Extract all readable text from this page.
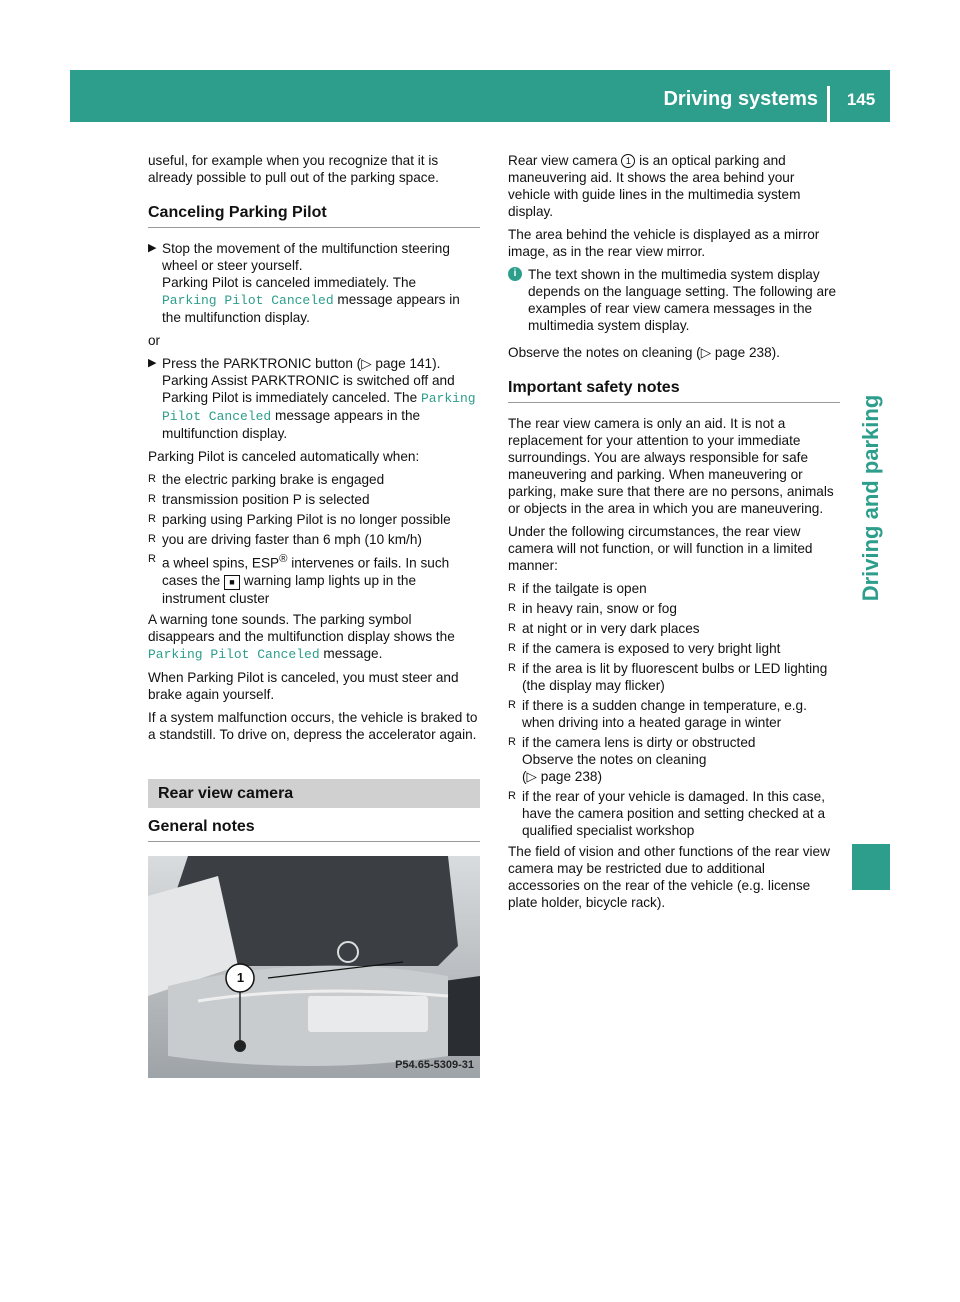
Driving systems	145
Driving and parking

useful, for example when you recognize that it is already possible to pull out of the parking space.

Canceling Parking Pilot
▶ Stop the movement of the multifunction steering wheel or steer yourself.
Parking Pilot is canceled immediately. The
Parking Pilot Canceled message appears in the multifunction display.
or
▶ Press the PARKTRONIC button (▷ page 141). Parking Assist PARKTRONIC is switched off and Parking Pilot is immediately canceled. The Parking Pilot Canceled message appears in the multifunction display.

Parking Pilot is canceled automatically when:

R the electric parking brake is engaged
R transmission position P is selected
R parking using Parking Pilot is no longer possible
R you are driving faster than 6 mph (10 km/h)
R a wheel spins, ESP® intervenes or fails. In such cases the ■ warning lamp lights up in the instrument cluster

A warning tone sounds. The parking symbol disappears and the multifunction display shows the Parking Pilot Canceled message.

When Parking Pilot is canceled, you must steer and brake again yourself.

If a system malfunction occurs, the vehicle is braked to a standstill. To drive on, depress the accelerator again.

Rear view camera
General notes
1
P54.65-5309-31

Rear view camera 1 is an optical parking and maneuvering aid. It shows the area behind your vehicle with guide lines in the multimedia system display.

The area behind the vehicle is displayed as a mirror image, as in the rear view mirror.

i The text shown in the multimedia system display depends on the language setting. The following are examples of rear view camera messages in the multimedia system display.

Observe the notes on cleaning (▷ page 238).

Important safety notes

The rear view camera is only an aid. It is not a replacement for your attention to your immediate surroundings. You are always responsible for safe maneuvering and parking. When maneuvering or parking, make sure that there are no persons, animals or objects in the area in which you are maneuvering.

Under the following circumstances, the rear view camera will not function, or will function in a limited manner:

R if the tailgate is open
R in heavy rain, snow or fog
R at night or in very dark places
R if the camera is exposed to very bright light
R if the area is lit by fluorescent bulbs or LED lighting (the display may flicker)
R if there is a sudden change in temperature, e.g. when driving into a heated garage in winter
R if the camera lens is dirty or obstructed
Observe the notes on cleaning
(▷ page 238)
R if the rear of your vehicle is damaged. In this case, have the camera position and setting checked at a qualified specialist workshop

The field of vision and other functions of the rear view camera may be restricted due to additional accessories on the rear of the vehicle (e.g. license plate holder, bicycle rack).
